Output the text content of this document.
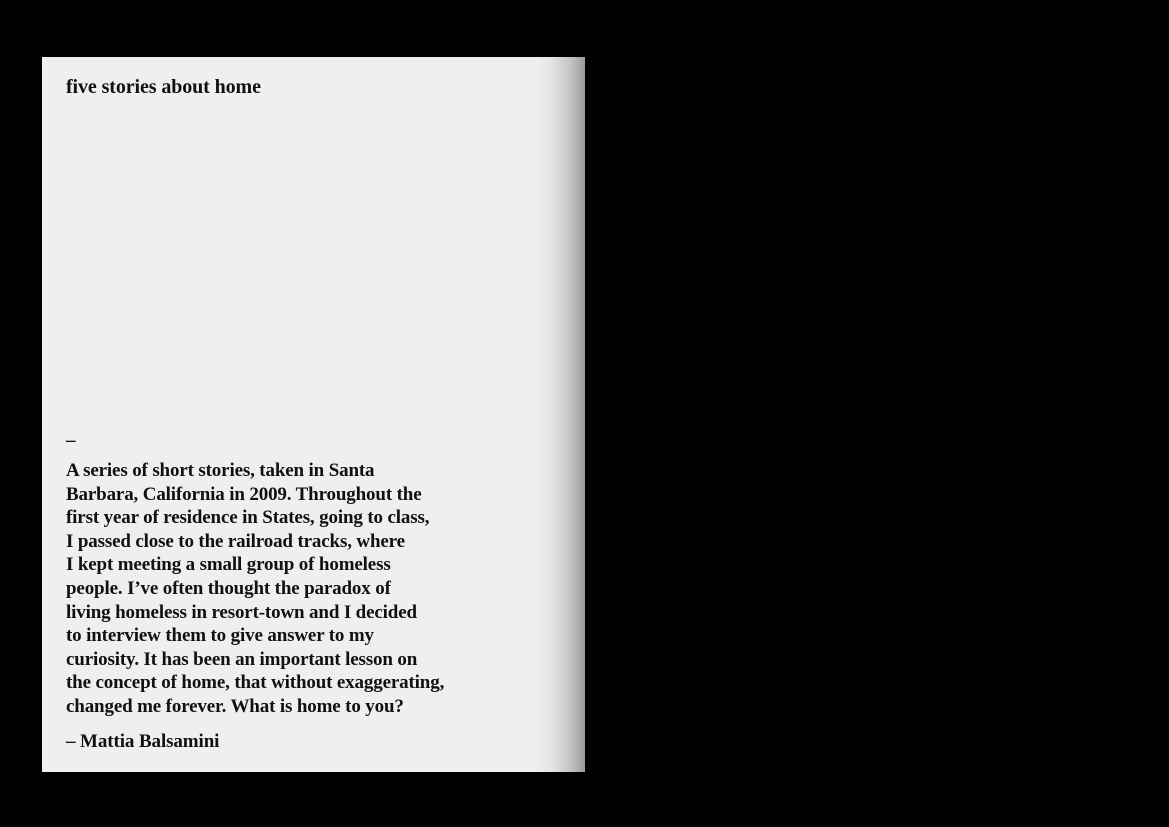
five stories about home
–

A series of short stories, taken in Santa
Barbara, California in 2009. Throughout the
first year of residence in States, going to class,
I passed close to the railroad tracks, where
I kept meeting a small group of homeless
people. I’ve often thought the paradox of
living homeless in resort-town and I decided
to interview them to give answer to my
curiosity. It has been an important lesson on
the concept of home, that without exaggerating,
changed me forever. What is home to you?

– Mattia Balsamini
